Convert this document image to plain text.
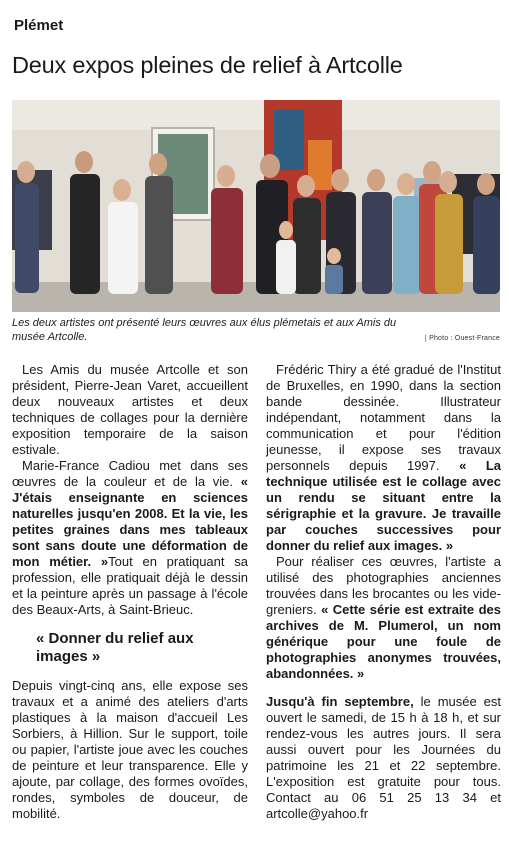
Plémet
Deux expos pleines de relief à Artcolle

Les deux artistes ont présenté leurs œuvres aux élus plémetais et aux Amis du musée Artcolle.	| Photo : Ouest-France

Les Amis du musée Artcolle et son président, Pierre-Jean Varet, accueillent deux nouveaux artistes et deux techniques de collages pour la dernière exposition temporaire de la saison estivale.

Marie-France Cadiou met dans ses œuvres de la couleur et de la vie. « J'étais enseignante en sciences naturelles jusqu'en 2008. Et la vie, les petites graines dans mes tableaux sont sans doute une déformation de mon métier. »Tout en pratiquant sa profession, elle pratiquait déjà le dessin et la peinture après un passage à l'école des Beaux-Arts, à Saint-Brieuc.

« Donner du relief aux images »

Depuis vingt-cinq ans, elle expose ses travaux et a animé des ateliers d'arts plastiques à la maison d'accueil Les Sorbiers, à Hillion. Sur le support, toile ou papier, l'artiste joue avec les couches de peinture et leur transparence. Elle y ajoute, par collage, des formes ovoïdes, rondes, symboles de douceur, de mobilité.

Frédéric Thiry a été gradué de l'Institut de Bruxelles, en 1990, dans la section bande dessinée. Illustrateur indépendant, notamment dans la communication et pour l'édition jeunesse, il expose ses travaux personnels depuis 1997. « La technique utilisée est le collage avec un rendu se situant entre la sérigraphie et la gravure. Je travaille par couches successives pour donner du relief aux images. »

Pour réaliser ces œuvres, l'artiste a utilisé des photographies anciennes trouvées dans les brocantes ou les vide-greniers. « Cette série est extraite des archives de M. Plumerol, un nom générique pour une foule de photographies anonymes trouvées, abandonnées. »

Jusqu'à fin septembre, le musée est ouvert le samedi, de 15 h à 18 h, et sur rendez-vous les autres jours. Il sera aussi ouvert pour les Journées du patrimoine les 21 et 22 septembre. L'exposition est gratuite pour tous. Contact au 06 51 25 13 34 et artcolle@yahoo.fr
